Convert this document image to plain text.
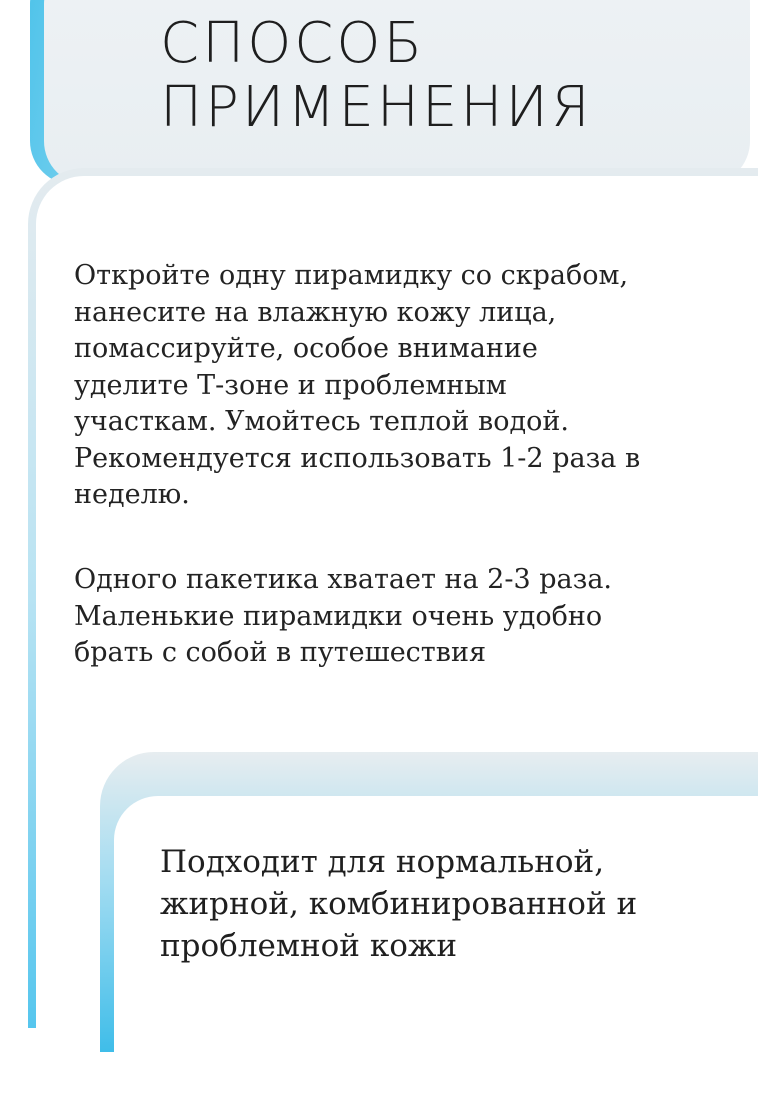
СПОСОБ
ПРИМЕНЕНИЯ

Откройте одну пирамидку со скрабом,
нанесите на влажную кожу лица,
помассируйте, особое внимание
уделите Т-зоне и проблемным
участкам. Умойтесь теплой водой.
Рекомендуется использовать 1-2 раза в
неделю.

Одного пакетика хватает на 2-3 раза.
Маленькие пирамидки очень удобно
брать с собой в путешествия

Подходит для нормальной,
жирной, комбинированной и
проблемной кожи
